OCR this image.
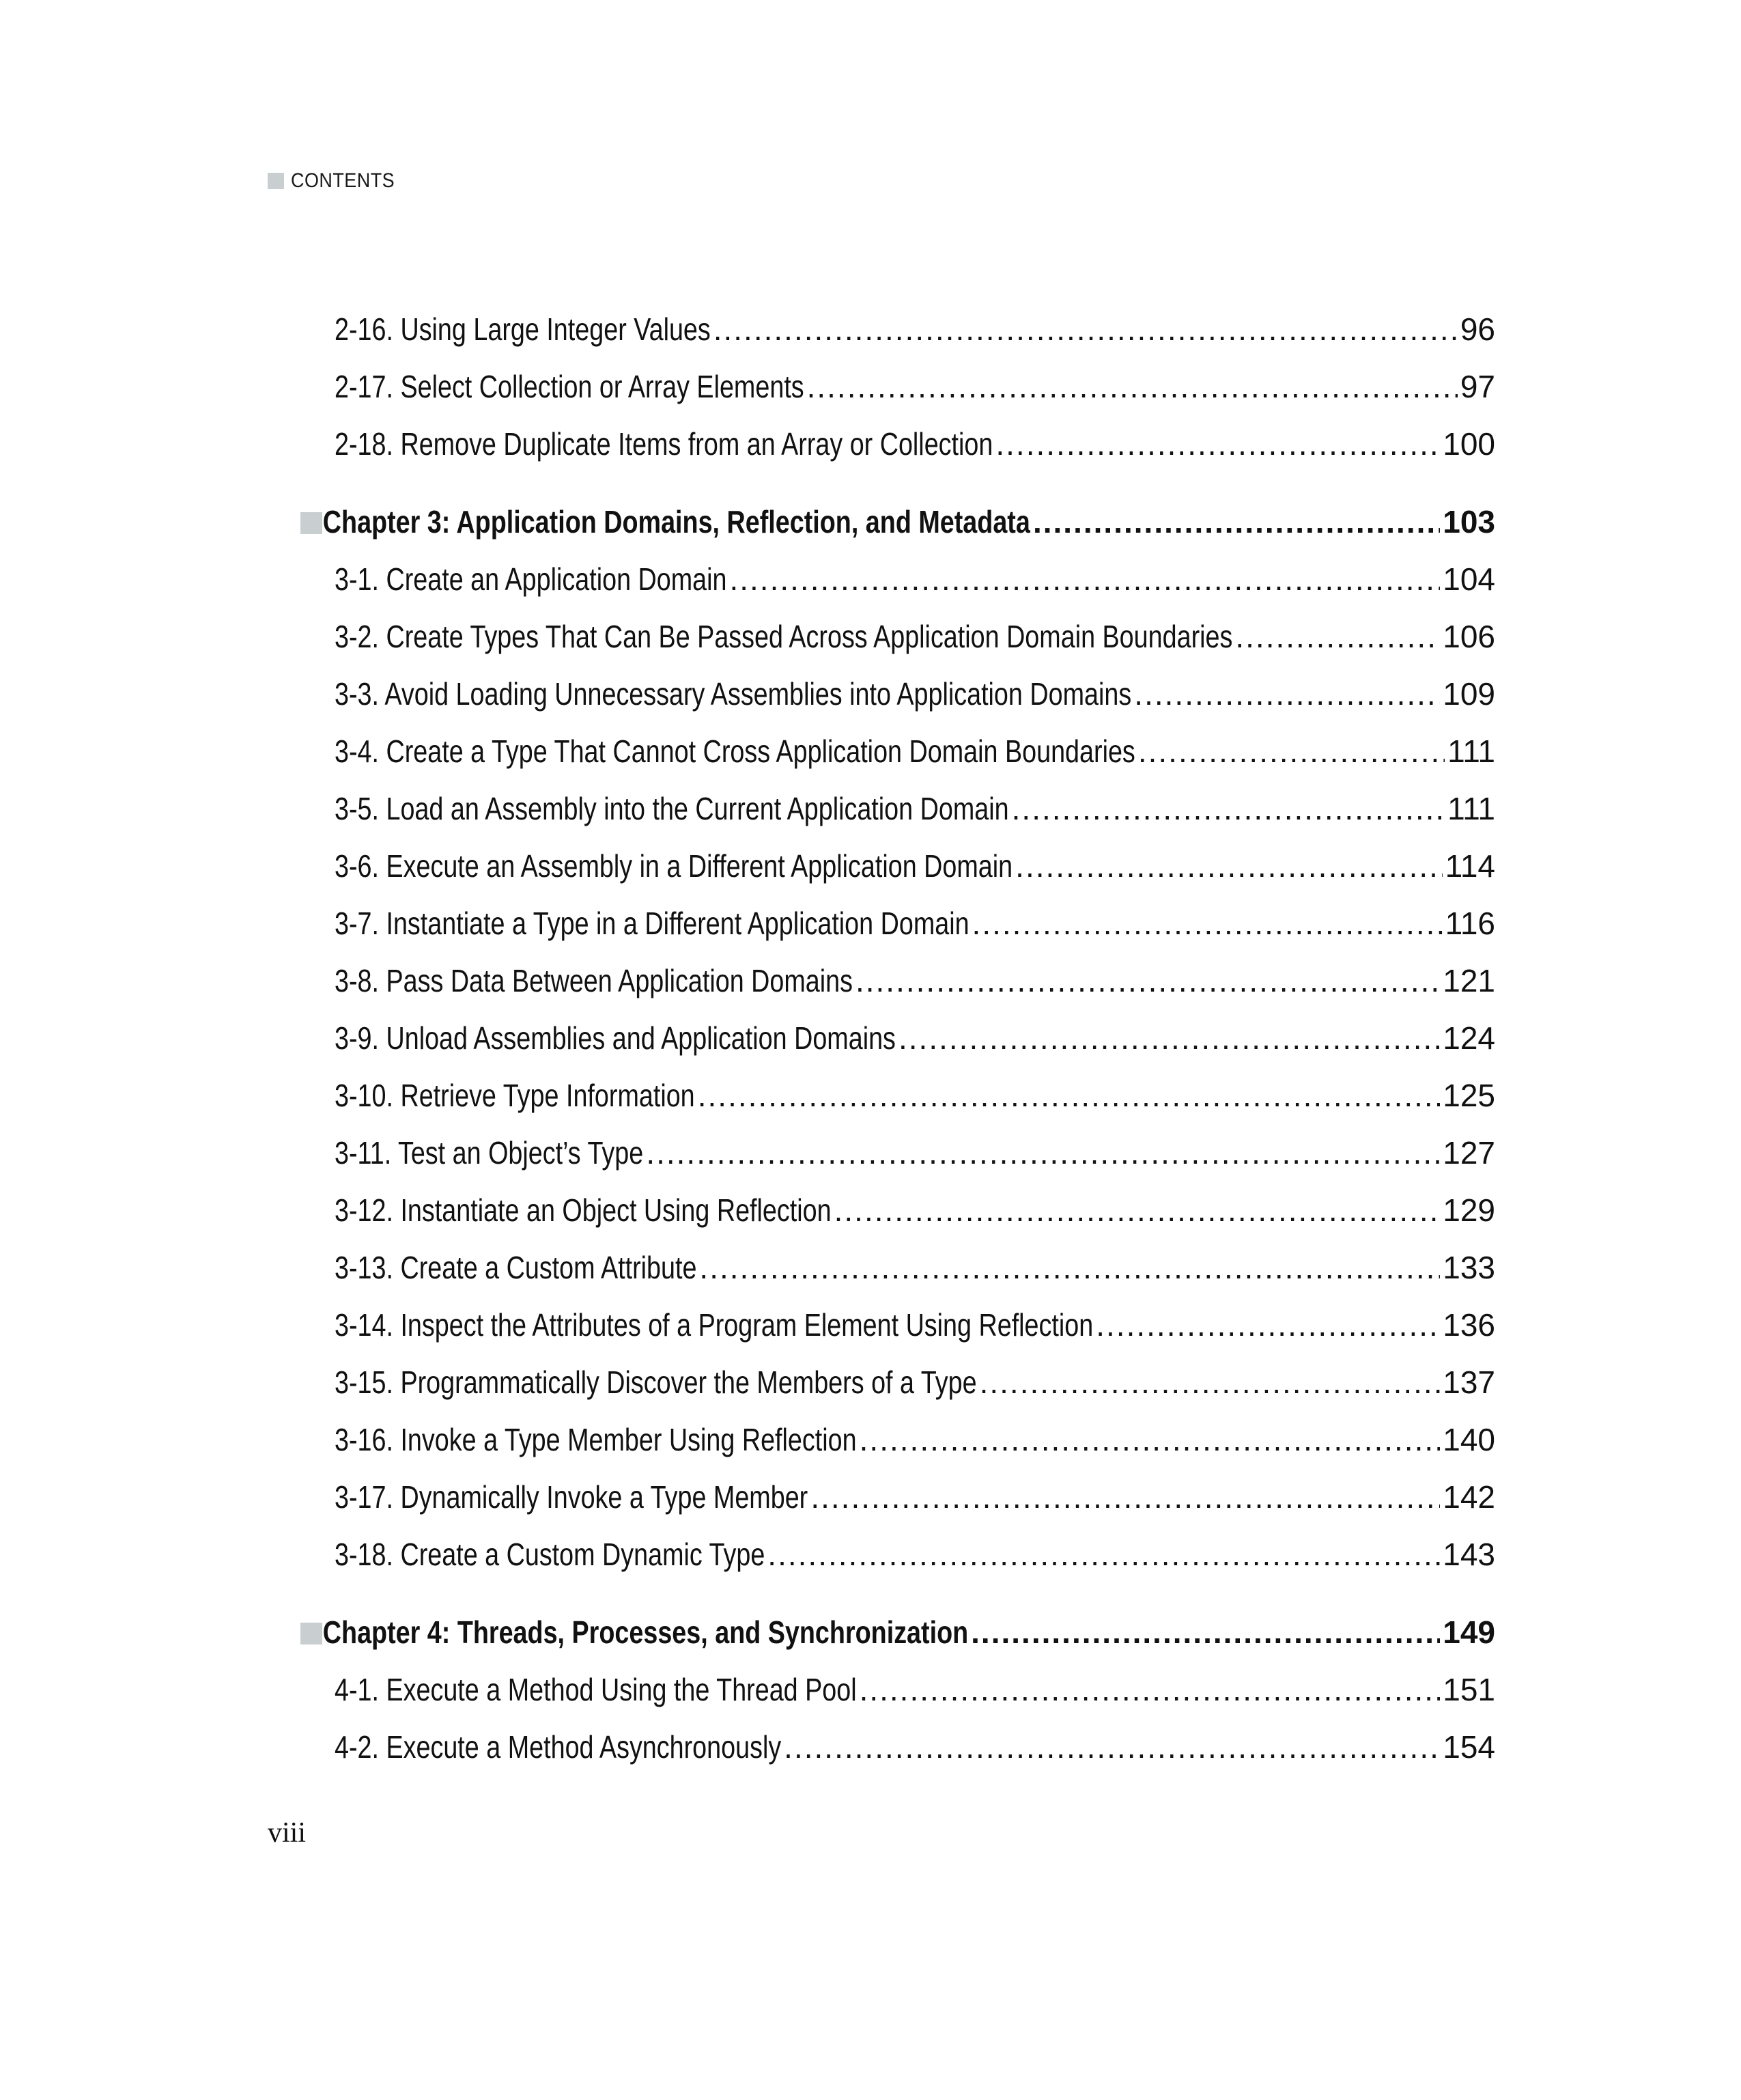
CONTENTS
2-16. Using Large Integer Values .....	96
2-17. Select Collection or Array Elements .....	97
2-18. Remove Duplicate Items from an Array or Collection .....	100
Chapter 3: Application Domains, Reflection, and Metadata .....	103
3-1. Create an Application Domain .....	104
3-2. Create Types That Can Be Passed Across Application Domain Boundaries .....	106
3-3. Avoid Loading Unnecessary Assemblies into Application Domains .....	109
3-4. Create a Type That Cannot Cross Application Domain Boundaries .....	111
3-5. Load an Assembly into the Current Application Domain .....	111
3-6. Execute an Assembly in a Different Application Domain .....	114
3-7. Instantiate a Type in a Different Application Domain .....	116
3-8. Pass Data Between Application Domains .....	121
3-9. Unload Assemblies and Application Domains .....	124
3-10. Retrieve Type Information .....	125
3-11. Test an Object’s Type .....	127
3-12. Instantiate an Object Using Reflection .....	129
3-13. Create a Custom Attribute .....	133
3-14. Inspect the Attributes of a Program Element Using Reflection .....	136
3-15. Programmatically Discover the Members of a Type .....	137
3-16. Invoke a Type Member Using Reflection .....	140
3-17. Dynamically Invoke a Type Member .....	142
3-18. Create a Custom Dynamic Type .....	143
Chapter 4: Threads, Processes, and Synchronization .....	149
4-1. Execute a Method Using the Thread Pool .....	151
4-2. Execute a Method Asynchronously .....	154
viii
